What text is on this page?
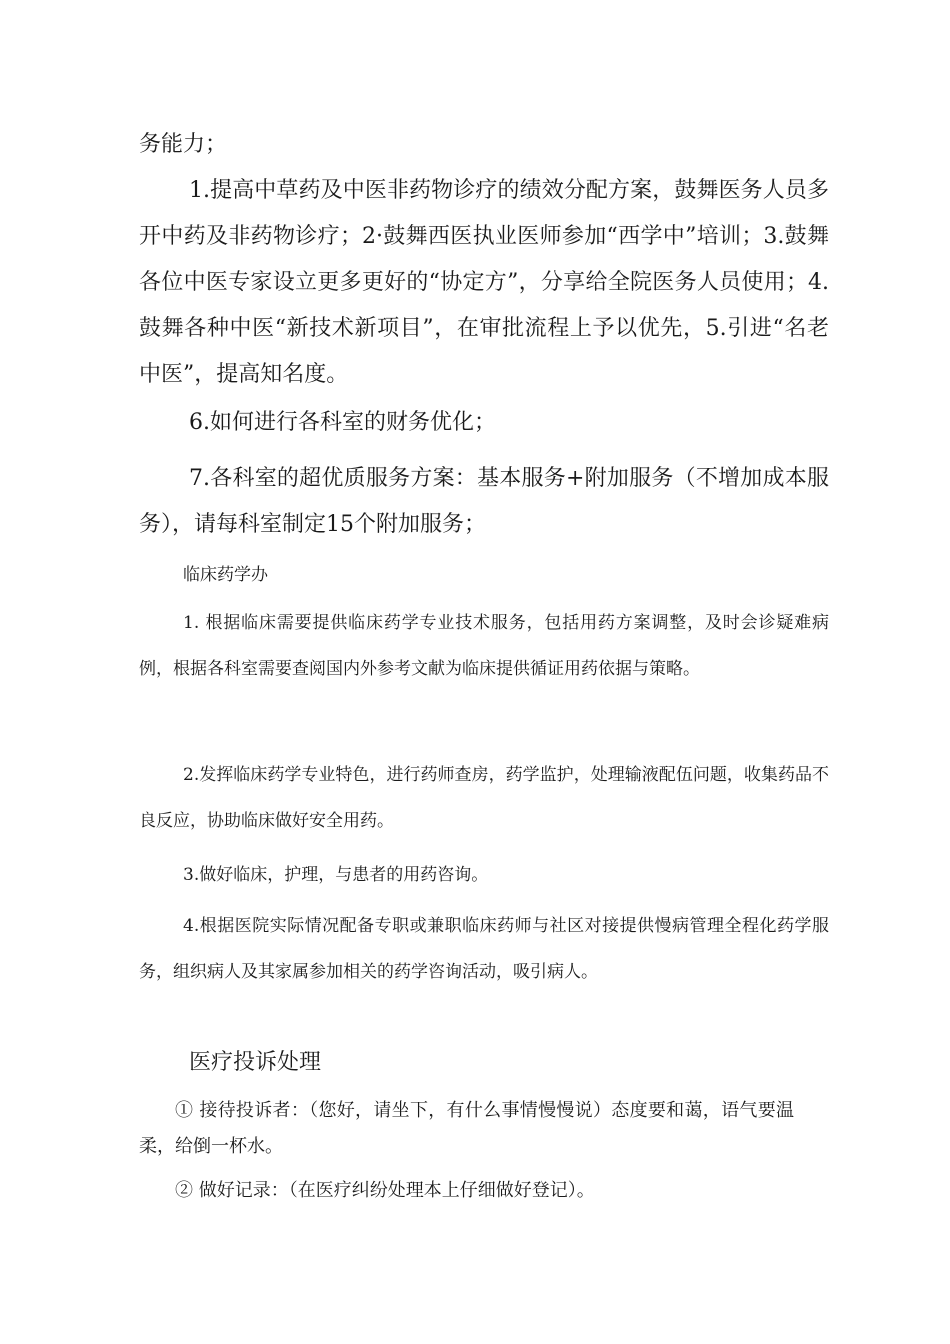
务能力；

1.提高中草药及中医非药物诊疗的绩效分配方案，鼓舞医务人员多开中药及非药物诊疗；2·鼓舞西医执业医师参加“西学中”培训；3.鼓舞各位中医专家设立更多更好的“协定方”，分享给全院医务人员使用；4.鼓舞各种中医“新技术新项目”，在审批流程上予以优先，5.引进“名老中医”，提高知名度。

6.如何进行各科室的财务优化；

7.各科室的超优质服务方案：基本服务+附加服务（不增加成本服务），请每科室制定15个附加服务；

临床药学办

1. 根据临床需要提供临床药学专业技术服务，包括用药方案调整，及时会诊疑难病例，根据各科室需要查阅国内外参考文献为临床提供循证用药依据与策略。

2.发挥临床药学专业特色，进行药师查房，药学监护，处理输液配伍问题，收集药品不良反应，协助临床做好安全用药。

3.做好临床，护理，与患者的用药咨询。

4.根据医院实际情况配备专职或兼职临床药师与社区对接提供慢病管理全程化药学服务，组织病人及其家属参加相关的药学咨询活动，吸引病人。

医疗投诉处理

① 接待投诉者：（您好，请坐下，有什么事情慢慢说）态度要和蔼，语气要温柔，给倒一杯水。

② 做好记录：（在医疗纠纷处理本上仔细做好登记）。
